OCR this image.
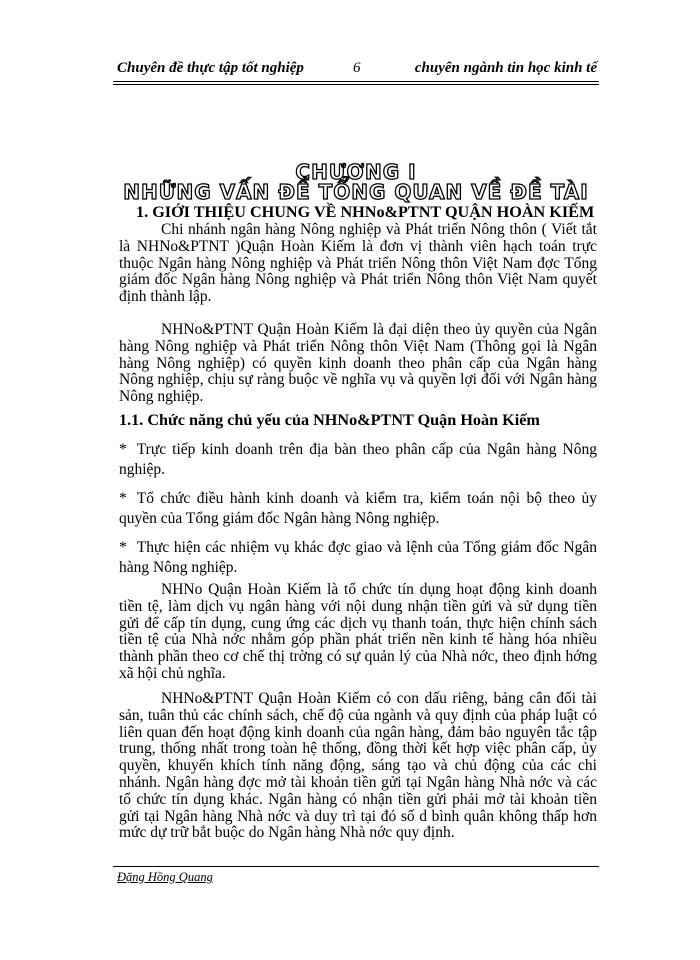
Chuyên đề thực tập tốt nghiệp	6	chuyên ngành tin học kinh tế
CHƯƠNG I
NHỮNG VẤN ĐỀ TỔNG QUAN VỀ ĐỀ TÀI
1. GIỚI THIỆU CHUNG VỀ NHNo&PTNT QUẬN HOÀN KIẾM

Chi nhánh ngân hàng Nông nghiệp và Phát triển Nông thôn ( Viết tắt là NHNo&PTNT )Quận Hoàn Kiếm là đơn vị thành viên hạch toán trực thuộc Ngân hàng Nông nghiệp và Phát triển Nông thôn Việt Nam đợc Tổng giám đốc Ngân hàng Nông nghiệp và Phát triển Nông thôn Việt Nam quyết định thành lập.

NHNo&PTNT Quận Hoàn Kiếm là đại diện theo ủy quyền của Ngân hàng Nông nghiệp và Phát triển Nông thôn Việt Nam (Thông gọi là Ngân hàng Nông nghiệp) có quyền kinh doanh theo phân cấp của Ngân hàng Nông nghiệp, chịu sự ràng buộc về nghĩa vụ và quyền lợi đối với Ngân hàng Nông nghiệp.

1.1. Chức năng chủ yếu của NHNo&PTNT Quận Hoàn Kiếm

* Trực tiếp kinh doanh trên địa bàn theo phân cấp của Ngân hàng Nông nghiệp.

* Tổ chức điều hành kinh doanh và kiểm tra, kiểm toán nội bộ theo ủy quyền của Tổng giám đốc Ngân hàng Nông nghiệp.

* Thực hiện các nhiệm vụ khác đợc giao và lệnh của Tổng giám đốc Ngân hàng Nông nghiệp.

NHNo Quận Hoàn Kiếm là tổ chức tín dụng hoạt động kinh doanh tiền tệ, làm dịch vụ ngân hàng với nội dung nhận tiền gửi và sử dụng tiền gửi để cấp tín dụng, cung ứng các dịch vụ thanh toán, thực hiện chính sách tiền tệ của Nhà nớc nhằm góp phần phát triển nền kinh tế hàng hóa nhiều thành phần theo cơ chế thị trờng có sự quản lý của Nhà nớc, theo định hớng xã hội chủ nghĩa.

NHNo&PTNT Quận Hoàn Kiếm có con dấu riêng, bảng cân đối tài sản, tuân thủ các chính sách, chế độ của ngành và quy định của pháp luật có liên quan đến hoạt động kinh doanh của ngân hàng, đảm bảo nguyên tắc tập trung, thống nhất trong toàn hệ thống, đồng thời kết hợp việc phân cấp, ủy quyền, khuyến khích tính năng động, sáng tạo và chủ động của các chi nhánh. Ngân hàng đợc mở tài khoản tiền gửi tại Ngân hàng Nhà nớc và các tổ chức tín dụng khác. Ngân hàng có nhận tiền gửi phải mở tài khoản tiền gửi tại Ngân hàng Nhà nớc và duy trì tại đó số d bình quân không thấp hơn mức dự trữ bắt buộc do Ngân hàng Nhà nớc quy định.

Đặng Hồng Quang
